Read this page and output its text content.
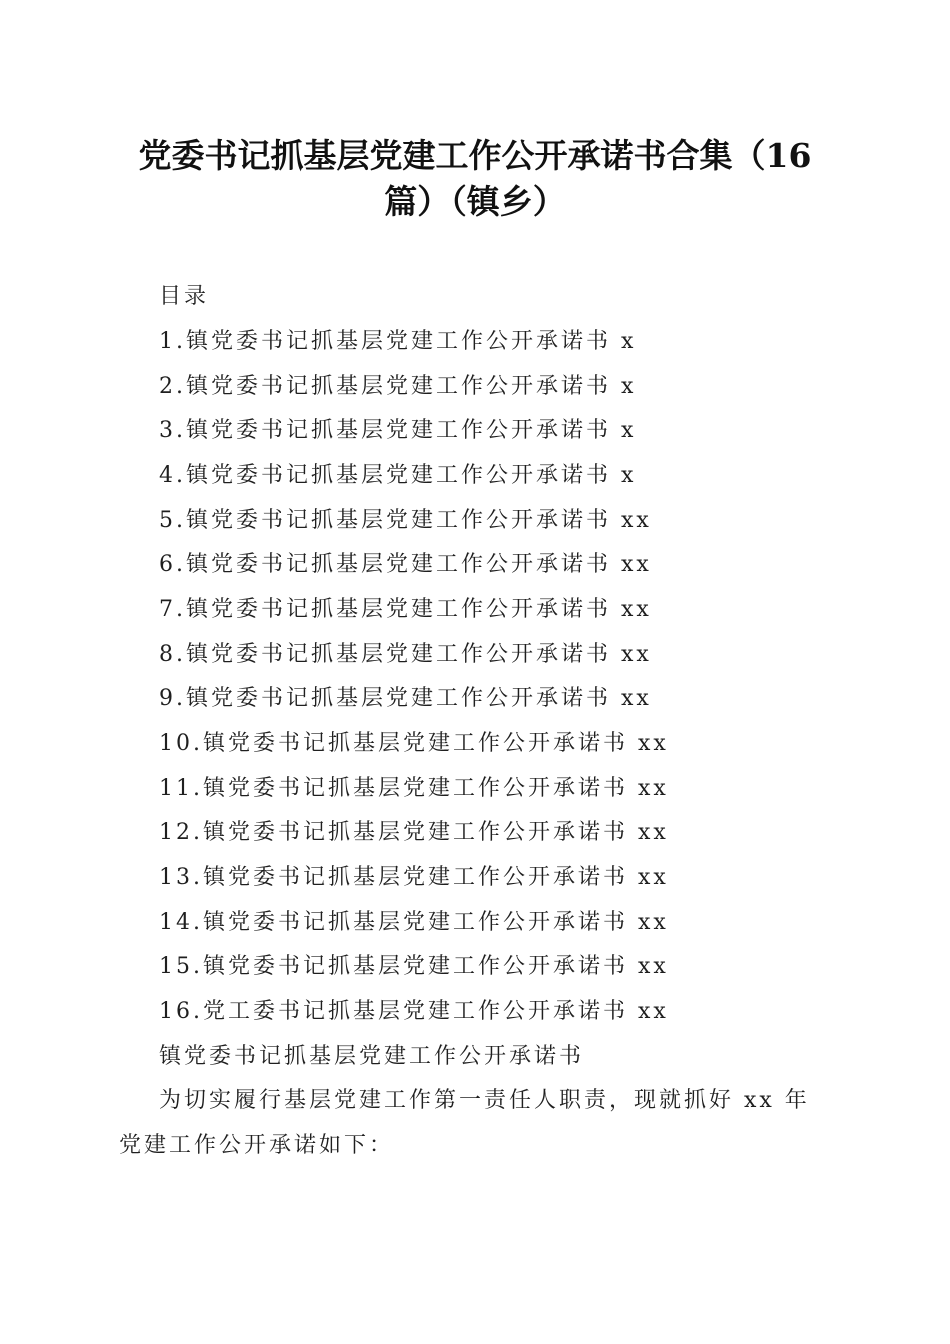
党委书记抓基层党建工作公开承诺书合集（16
篇）（镇乡）
目录
1.镇党委书记抓基层党建工作公开承诺书 x
2.镇党委书记抓基层党建工作公开承诺书 x
3.镇党委书记抓基层党建工作公开承诺书 x
4.镇党委书记抓基层党建工作公开承诺书 x
5.镇党委书记抓基层党建工作公开承诺书 xx
6.镇党委书记抓基层党建工作公开承诺书 xx
7.镇党委书记抓基层党建工作公开承诺书 xx
8.镇党委书记抓基层党建工作公开承诺书 xx
9.镇党委书记抓基层党建工作公开承诺书 xx
10.镇党委书记抓基层党建工作公开承诺书 xx
11.镇党委书记抓基层党建工作公开承诺书 xx
12.镇党委书记抓基层党建工作公开承诺书 xx
13.镇党委书记抓基层党建工作公开承诺书 xx
14.镇党委书记抓基层党建工作公开承诺书 xx
15.镇党委书记抓基层党建工作公开承诺书 xx
16.党工委书记抓基层党建工作公开承诺书 xx
镇党委书记抓基层党建工作公开承诺书
为切实履行基层党建工作第一责任人职责，现就抓好 xx 年
党建工作公开承诺如下：
